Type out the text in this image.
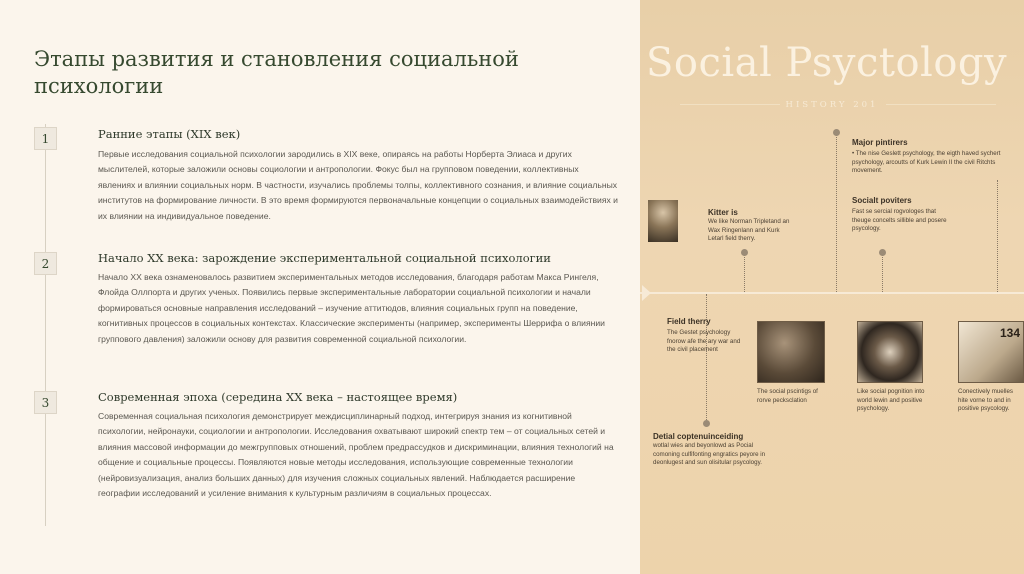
Этапы развития и становления социальной психологии
1	Ранние этапы (XIX век)
Первые исследования социальной психологии зародились в XIX веке, опираясь на работы Норберта Элиаса и других мыслителей, которые заложили основы социологии и антропологии. Фокус был на групповом поведении, коллективных явлениях и влиянии социальных норм. В частности, изучались проблемы толпы, коллективного сознания, и влияние социальных институтов на формирование личности. В это время формируются первоначальные концепции о социальных взаимодействиях и их влиянии на индивидуальное поведение.
2	Начало XX века: зарождение экспериментальной социальной психологии
Начало XX века ознаменовалось развитием экспериментальных методов исследования, благодаря работам Макса Рингеля, Флойда Оллпорта и других ученых. Появились первые экспериментальные лаборатории социальной психологии и начали формироваться основные направления исследований – изучение аттитюдов, влияния социальных групп на поведение, когнитивных процессов в социальных контекстах. Классические эксперименты (например, эксперименты Шеррифа о влиянии группового давления) заложили основу для развития современной социальной психологии.
3	Современная эпоха (середина XX века – настоящее время)
Современная социальная психология демонстрирует междисциплинарный подход, интегрируя знания из когнитивной психологии, нейронауки, социологии и антропологии. Исследования охватывают широкий спектр тем – от социальных сетей и влияния массовой информации до межгрупповых отношений, проблем предрассудков и дискриминации, влияния технологий на общение и социальные процессы. Появляются новые методы исследования, использующие современные технологии (нейровизуализация, анализ больших данных) для изучения сложных социальных явлений. Наблюдается расширение географии исследований и усиление внимания к культурным различиям в социальных процессах.
Social Psyctology
HISTORY 201
Kitter is
We like Norman Tripletand an Wax Ringenlann and Kurk Letarl field therry.
Major pintirers
• The nise Geslett psychology, the eigth haved sychert psychology, arcoutts of Kurk Lewin II the civil Ritchts movement.
Socialt poviters
Fast se sercial rogvologes that theuge concelts sillible and posere psycology.
134
Field therry
The Gestet psychology fnorow afe the ary war and the civil placement
The social pscintigs of rorve pecksclation
Like social pognition into world lewin and positive psychology.
Conectively muelles hite vorne to and in positive psycology.
Detial coptenuinceiding
wotlal wies and beyonlowd as Pocial comoning culfifonting engratics peyore in deonlugest and sun olisitular psycology.
